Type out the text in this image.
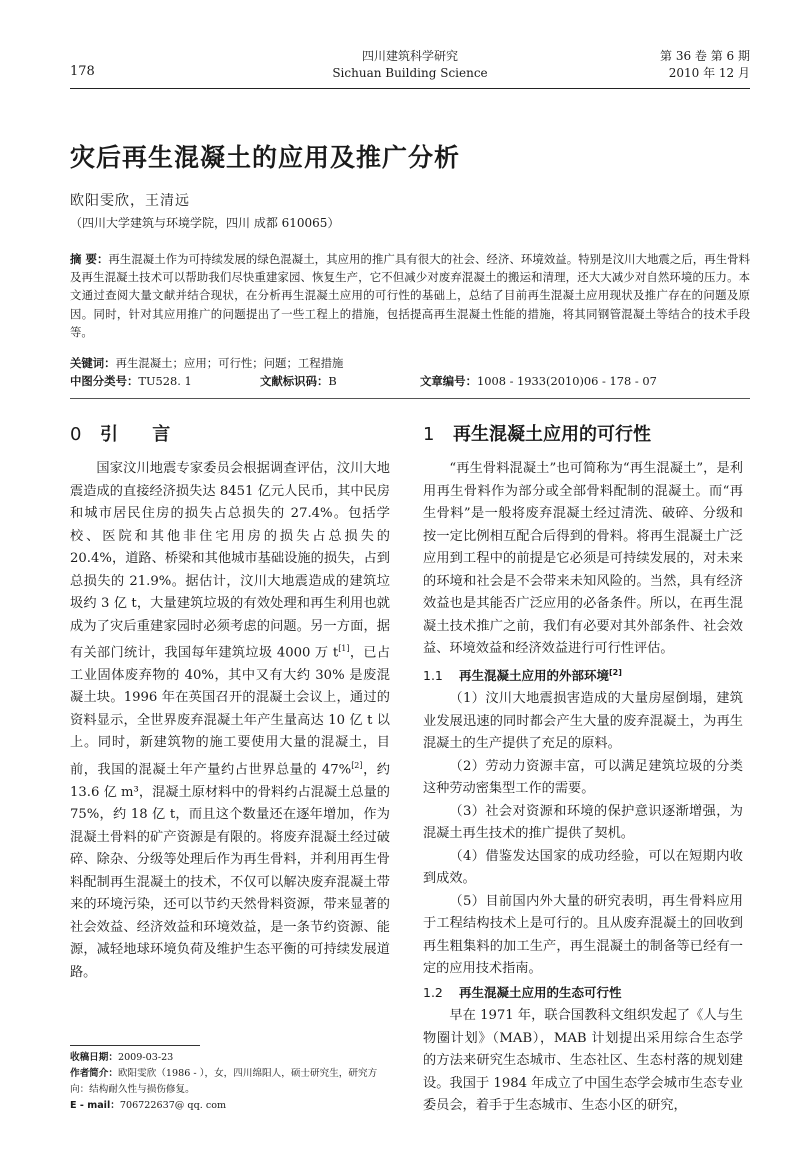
178
四川建筑科学研究
Sichuan Building Science
第 36 卷 第 6 期
2010 年 12 月
灾后再生混凝土的应用及推广分析
欧阳雯欣，王清远
（四川大学建筑与环境学院，四川 成都 610065）
摘 要：再生混凝土作为可持续发展的绿色混凝土，其应用的推广具有很大的社会、经济、环境效益。特别是汶川大地震之后，再生骨料及再生混凝土技术可以帮助我们尽快重建家园、恢复生产，它不但减少对废弃混凝土的搬运和清理，还大大减少对自然环境的压力。本文通过查阅大量文献并结合现状，在分析再生混凝土应用的可行性的基础上，总结了目前再生混凝土应用现状及推广存在的问题及原因。同时，针对其应用推广的问题提出了一些工程上的措施，包括提高再生混凝土性能的措施，将其同钢管混凝土等结合的技术手段等。
关键词：再生混凝土；应用；可行性；问题；工程措施
中图分类号：TU528. 1	文献标识码：B	文章编号：1008 - 1933(2010)06 - 178 - 07
0 引 言

国家汶川地震专家委员会根据调查评估，汶川大地震造成的直接经济损失达 8451 亿元人民币，其中民房和城市居民住房的损失占总损失的 27.4%。包括学校、医院和其他非住宅用房的损失占总损失的 20.4%，道路、桥梁和其他城市基础设施的损失，占到总损失的 21.9%。据估计，汶川大地震造成的建筑垃圾约 3 亿 t，大量建筑垃圾的有效处理和再生利用也就成为了灾后重建家园时必须考虑的问题。另一方面，据有关部门统计，我国每年建筑垃圾 4000 万 t[1]，已占工业固体废弃物的 40%，其中又有大约 30% 是废混凝土块。1996 年在英国召开的混凝土会议上，通过的资料显示，全世界废弃混凝土年产生量高达 10 亿 t 以上。同时，新建筑物的施工要使用大量的混凝土，目前，我国的混凝土年产量约占世界总量的 47%[2]，约 13.6 亿 m³，混凝土原材料中的骨料约占混凝土总量的 75%，约 18 亿 t，而且这个数量还在逐年增加，作为混凝土骨料的矿产资源是有限的。将废弃混凝土经过破碎、除杂、分级等处理后作为再生骨料，并利用再生骨料配制再生混凝土的技术，不仅可以解决废弃混凝土带来的环境污染，还可以节约天然骨料资源，带来显著的社会效益、经济效益和环境效益，是一条节约资源、能源，减轻地球环境负荷及维护生态平衡的可持续发展道路。

1 再生混凝土应用的可行性

“再生骨料混凝土”也可简称为“再生混凝土”，是利用再生骨料作为部分或全部骨料配制的混凝土。而“再生骨料”是一般将废弃混凝土经过清洗、破碎、分级和按一定比例相互配合后得到的骨料。将再生混凝土广泛应用到工程中的前提是它必须是可持续发展的，对未来的环境和社会是不会带来未知风险的。当然，具有经济效益也是其能否广泛应用的必备条件。所以，在再生混凝土技术推广之前，我们有必要对其外部条件、社会效益、环境效益和经济效益进行可行性评估。

1.1 再生混凝土应用的外部环境[2]

（1）汶川大地震损害造成的大量房屋倒塌，建筑业发展迅速的同时都会产生大量的废弃混凝土，为再生混凝土的生产提供了充足的原料。

（2）劳动力资源丰富，可以满足建筑垃圾的分类这种劳动密集型工作的需要。

（3）社会对资源和环境的保护意识逐渐增强，为混凝土再生技术的推广提供了契机。

（4）借鉴发达国家的成功经验，可以在短期内收到成效。

（5）目前国内外大量的研究表明，再生骨料应用于工程结构技术上是可行的。且从废弃混凝土的回收到再生粗集料的加工生产，再生混凝土的制备等已经有一定的应用技术指南。

1.2 再生混凝土应用的生态可行性

早在 1971 年，联合国教科文组织发起了《人与生物圈计划》（MAB），MAB 计划提出采用综合生态学的方法来研究生态城市、生态社区、生态村落的规划建设。我国于 1984 年成立了中国生态学会城市生态专业委员会，着手于生态城市、生态小区的研究，

收稿日期：2009-03-23
作者简介：欧阳雯欣（1986 - ），女，四川绵阳人，硕士研究生，研究方向：结构耐久性与损伤修复。
E - mail：706722637@ qq. com
